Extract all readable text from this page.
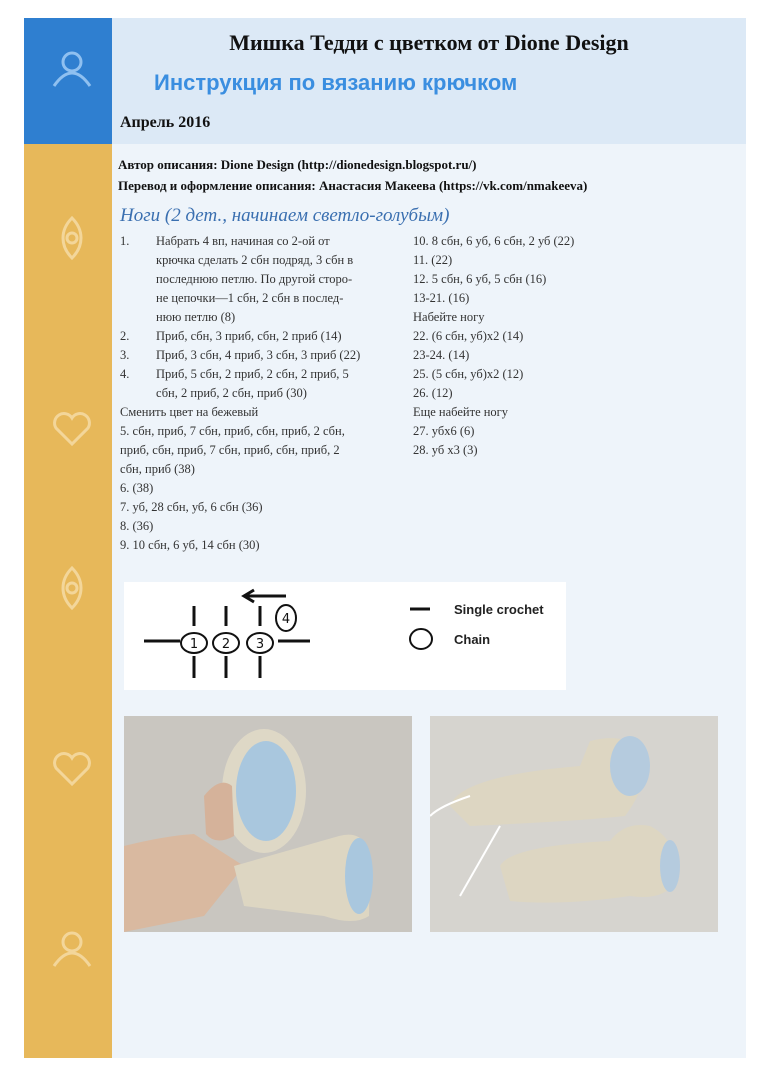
Мишка Тедди с цветком от Dione Design
Инструкция по вязанию крючком
Апрель 2016
Автор описания: Dione Design (http://dionedesign.blogspot.ru/)
Перевод и оформление описания: Анастасия Макеева (https://vk.com/nmakeeva)
Ноги (2 дет., начинаем светло-голубым)
1.	Набрать 4 вп, начиная со 2-ой от
крючка сделать 2 сбн подряд, 3 сбн в
последнюю петлю. По другой сторо-
не цепочки—1 сбн, 2 сбн в послед-
нюю петлю (8)
2.	Приб, сбн, 3 приб, сбн, 2 приб (14)
3.	Приб, 3 сбн, 4 приб, 3 сбн, 3 приб (22)
4.	Приб, 5 сбн, 2 приб, 2 сбн, 2 приб, 5
сбн, 2 приб, 2 сбн, приб (30)
Сменить цвет на бежевый
5. сбн, приб, 7 сбн, приб, сбн, приб, 2 сбн,
приб, сбн, приб, 7 сбн, приб, сбн, приб, 2
сбн, приб (38)
6. (38)
7. уб, 28 сбн, уб, 6 сбн (36)
8. (36)
9. 10 сбн, 6 уб, 14 сбн (30)
10. 8 сбн, 6 уб, 6 сбн, 2 уб (22)
11. (22)
12. 5 сбн, 6 уб, 5 сбн (16)
13-21. (16)
Набейте ногу
22. (6 сбн, уб)x2 (14)
23-24. (14)
25. (5 сбн, уб)x2 (12)
26. (12)
Еще набейте ногу
27. убx6 (6)
28. уб x3 (3)
1 2 3
4
Single crochet
Chain
